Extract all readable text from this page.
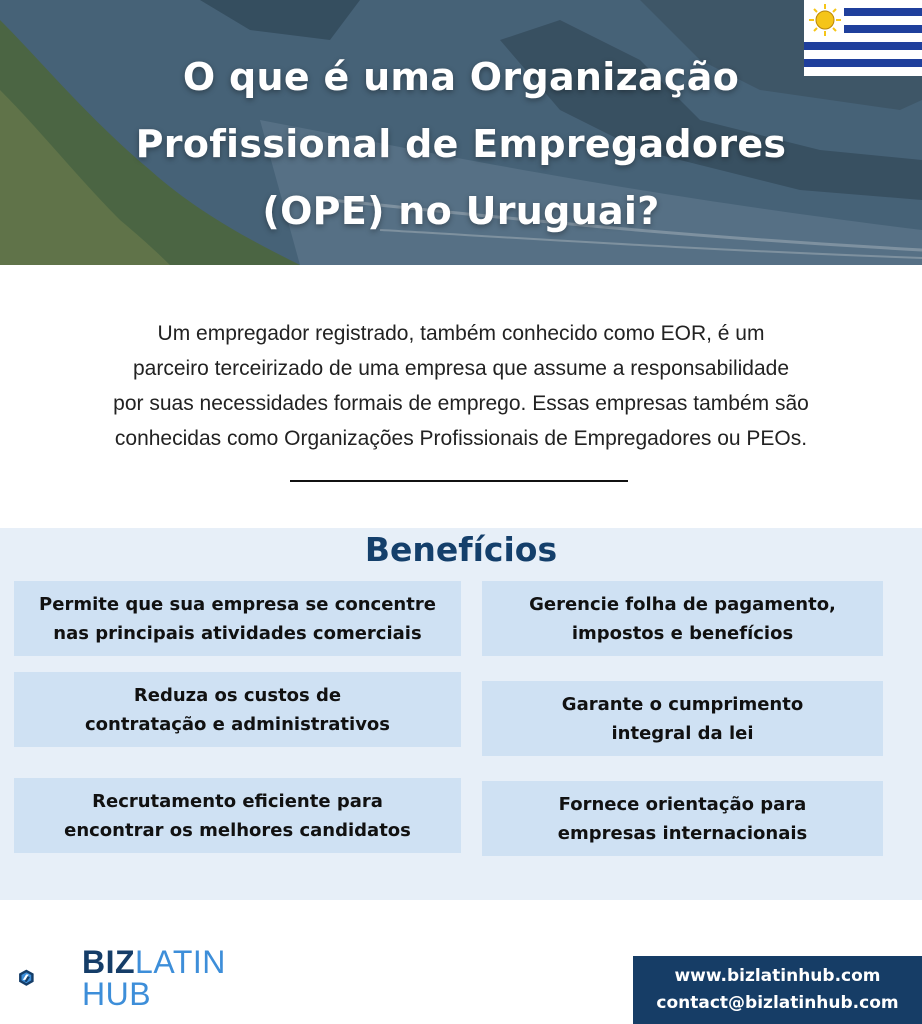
O que é uma Organização
Profissional de Empregadores
(OPE) no Uruguai?
Um empregador registrado, também conhecido como EOR, é um
parceiro terceirizado de uma empresa que assume a responsabilidade
por suas necessidades formais de emprego. Essas empresas também são
conhecidas como Organizações Profissionais de Empregadores ou PEOs.
Benefícios
Permite que sua empresa se concentre
nas principais atividades comerciais
Gerencie folha de pagamento,
impostos e benefícios
Reduza os custos de
contratação e administrativos
Garante o cumprimento
integral da lei
Recrutamento eficiente para
encontrar os melhores candidatos
Fornece orientação para
empresas internacionais
BIZLATIN
HUB	www.bizlatinhub.com
contact@bizlatinhub.com
